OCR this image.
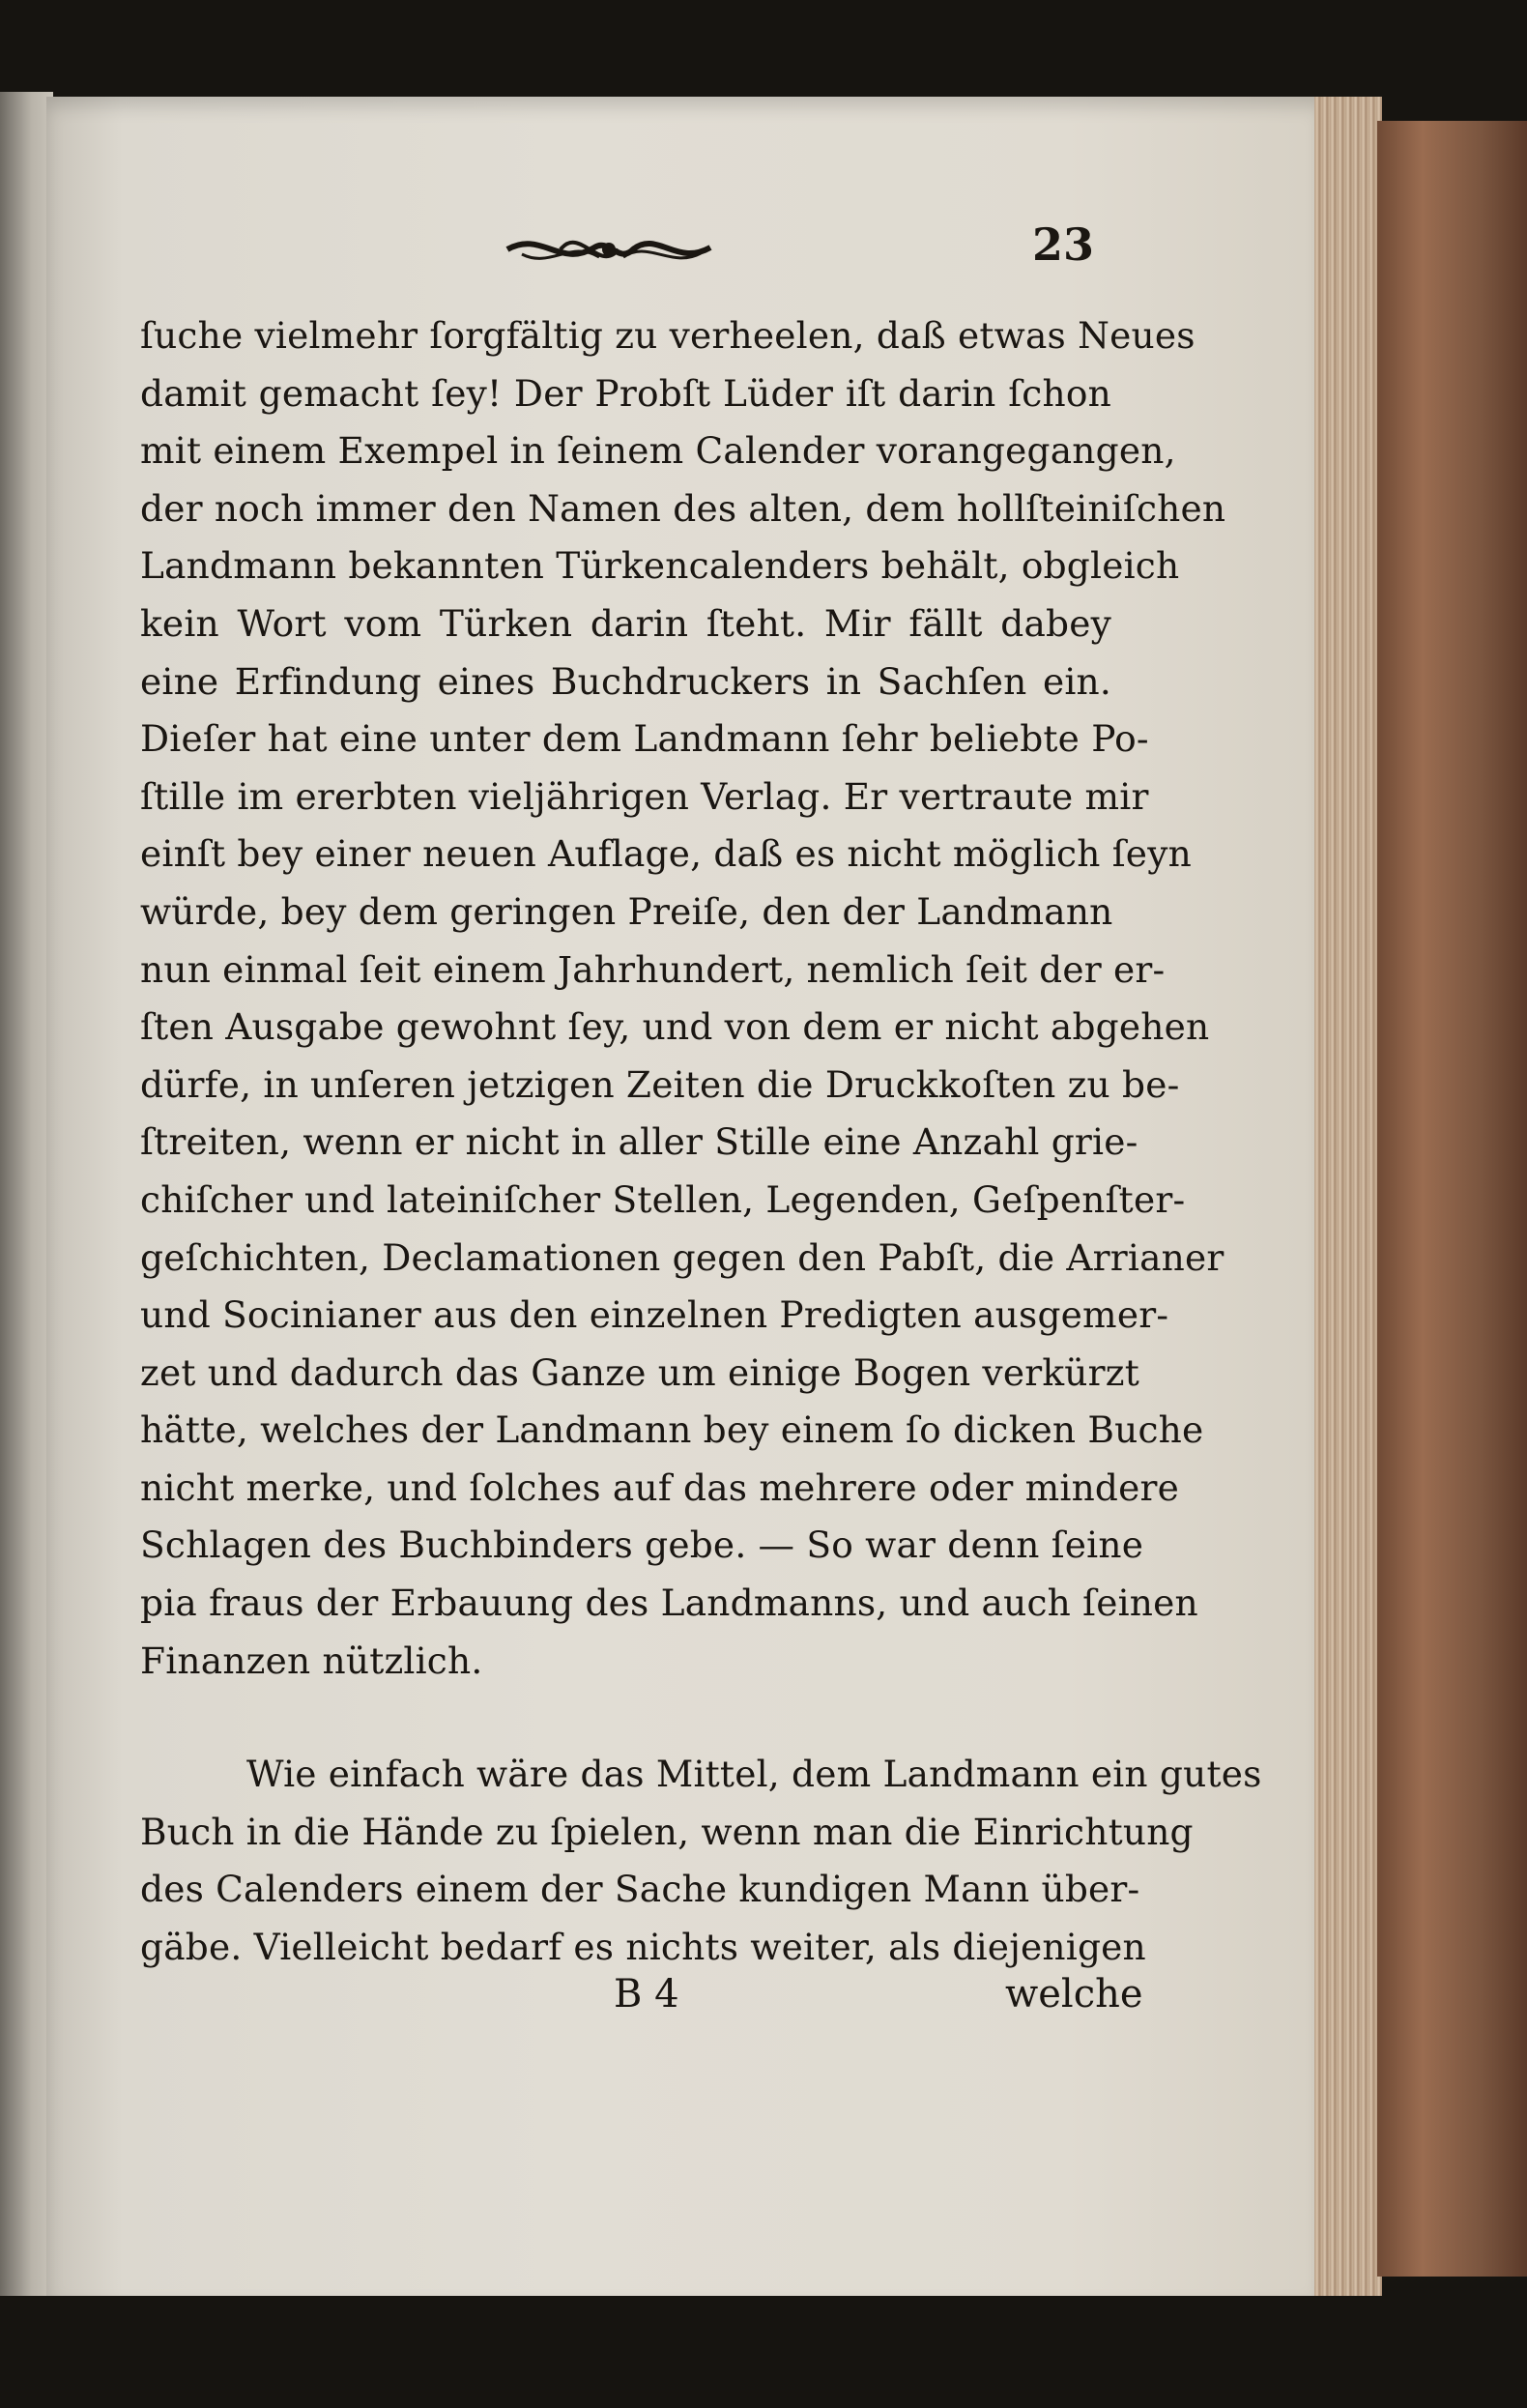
23
ſuche vielmehr ſorgfältig zu verheelen, daß etwas Neues
damit gemacht ſey! Der Probſt Lüder iſt darin ſchon
mit einem Exempel in ſeinem Calender vorangegangen,
der noch immer den Namen des alten, dem hollſteiniſchen
Landmann bekannten Türkencalenders behält, obgleich
kein Wort vom Türken darin ſteht. Mir fällt dabey
eine Erfindung eines Buchdruckers in Sachſen ein.
Dieſer hat eine unter dem Landmann ſehr beliebte Po-
ſtille im ererbten vieljährigen Verlag. Er vertraute mir
einſt bey einer neuen Auflage, daß es nicht möglich ſeyn
würde, bey dem geringen Preiſe, den der Landmann
nun einmal ſeit einem Jahrhundert, nemlich ſeit der er-
ſten Ausgabe gewohnt ſey, und von dem er nicht abgehen
dürfe, in unſeren jetzigen Zeiten die Druckkoſten zu be-
ſtreiten, wenn er nicht in aller Stille eine Anzahl grie-
chiſcher und lateiniſcher Stellen, Legenden, Geſpenſter-
geſchichten, Declamationen gegen den Pabſt, die Arrianer
und Socinianer aus den einzelnen Predigten ausgemer-
zet und dadurch das Ganze um einige Bogen verkürzt
hätte, welches der Landmann bey einem ſo dicken Buche
nicht merke, und ſolches auf das mehrere oder mindere
Schlagen des Buchbinders gebe. — So war denn ſeine
pia fraus der Erbauung des Landmanns, und auch ſeinen
Finanzen nützlich.
Wie einfach wäre das Mittel, dem Landmann ein gutes
Buch in die Hände zu ſpielen, wenn man die Einrichtung
des Calenders einem der Sache kundigen Mann über-
gäbe. Vielleicht bedarf es nichts weiter, als diejenigen
B 4	welche
